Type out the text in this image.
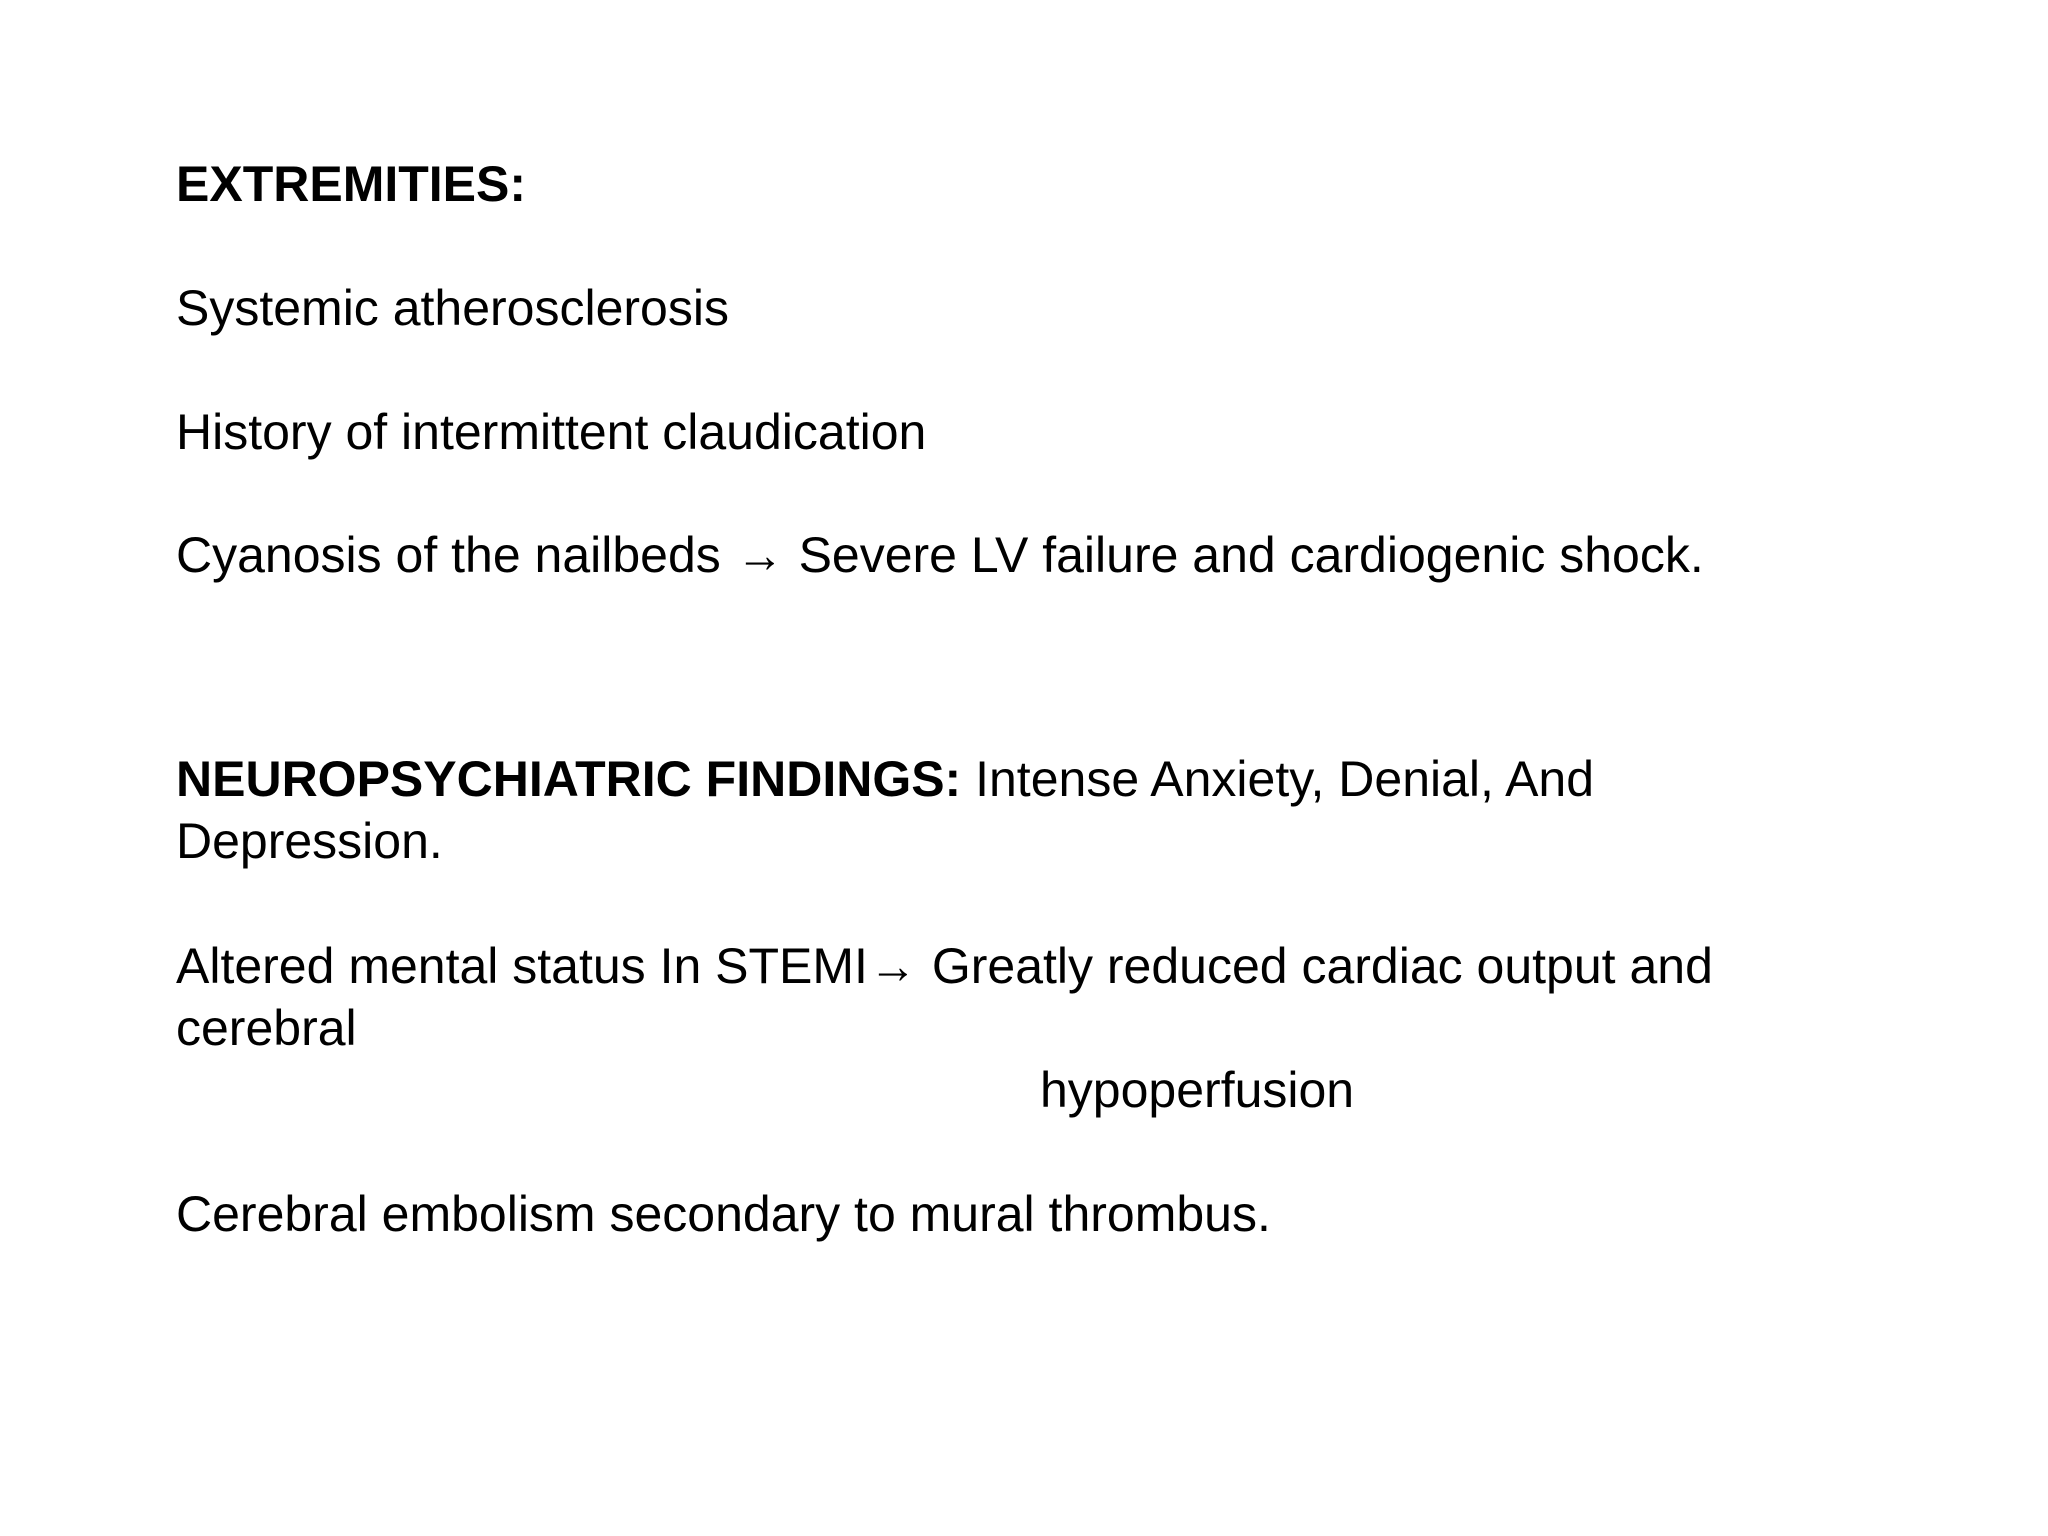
EXTREMITIES:
Systemic atherosclerosis
History of intermittent claudication
Cyanosis of the nailbeds → Severe LV failure and cardiogenic shock.
NEUROPSYCHIATRIC FINDINGS: Intense Anxiety, Denial, And
Depression.
Altered mental status In STEMI→ Greatly reduced cardiac output and
cerebral
hypoperfusion
Cerebral embolism secondary to mural thrombus.
